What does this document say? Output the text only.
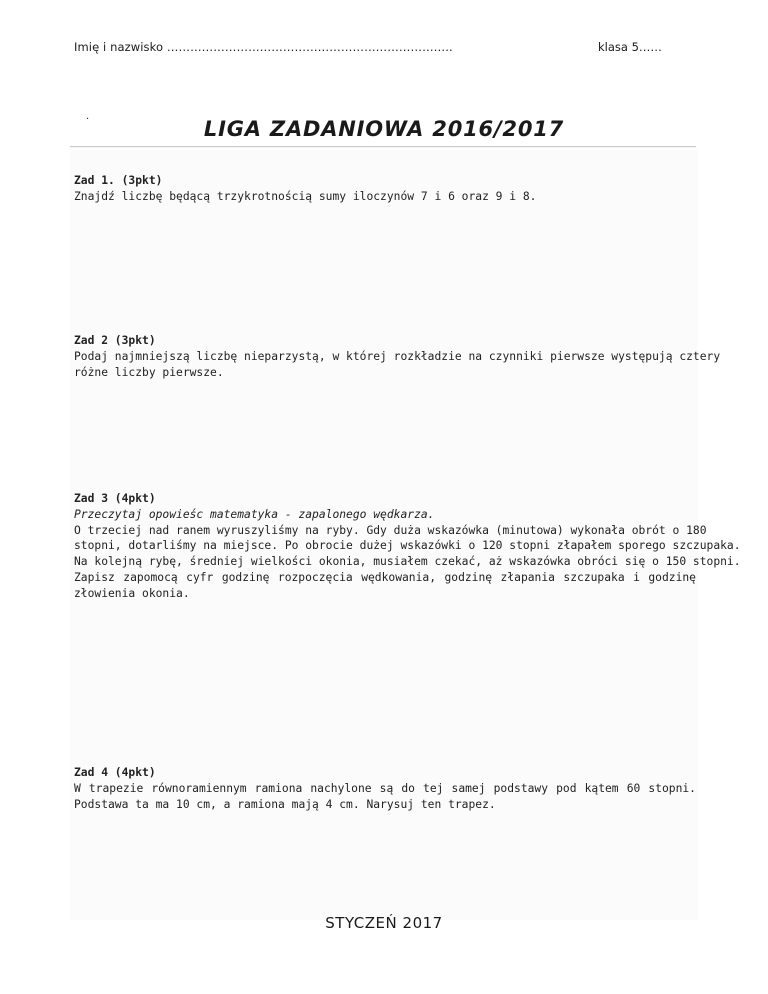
Imię i nazwisko ………………………………………………………………..	klasa 5……
.
LIGA ZADANIOWA 2016/2017
Zad 1. (3pkt)
Znajdź liczbę będącą trzykrotnością sumy iloczynów 7 i 6 oraz 9 i 8.
Zad 2 (3pkt)
Podaj najmniejszą liczbę nieparzystą, w której rozkładzie na czynniki pierwsze występują cztery
różne liczby pierwsze.
Zad 3 (4pkt)
Przeczytaj opowieśc matematyka - zapalonego wędkarza.
O trzeciej nad ranem wyruszyliśmy na ryby. Gdy duża wskazówka (minutowa) wykonała obrót o 180
stopni, dotarliśmy na miejsce. Po obrocie dużej wskazówki o 120 stopni złapałem sporego szczupaka.
Na kolejną rybę, średniej wielkości okonia, musiałem czekać, aż wskazówka obróci się o 150 stopni.
Zapisz zapomocą cyfr godzinę rozpoczęcia wędkowania, godzinę złapania szczupaka i godzinę
złowienia okonia.
Zad 4 (4pkt)
W trapezie równoramiennym ramiona nachylone są do tej samej podstawy pod kątem 60 stopni.
Podstawa ta ma 10 cm, a ramiona mają 4 cm. Narysuj ten trapez.
STYCZEŃ 2017
